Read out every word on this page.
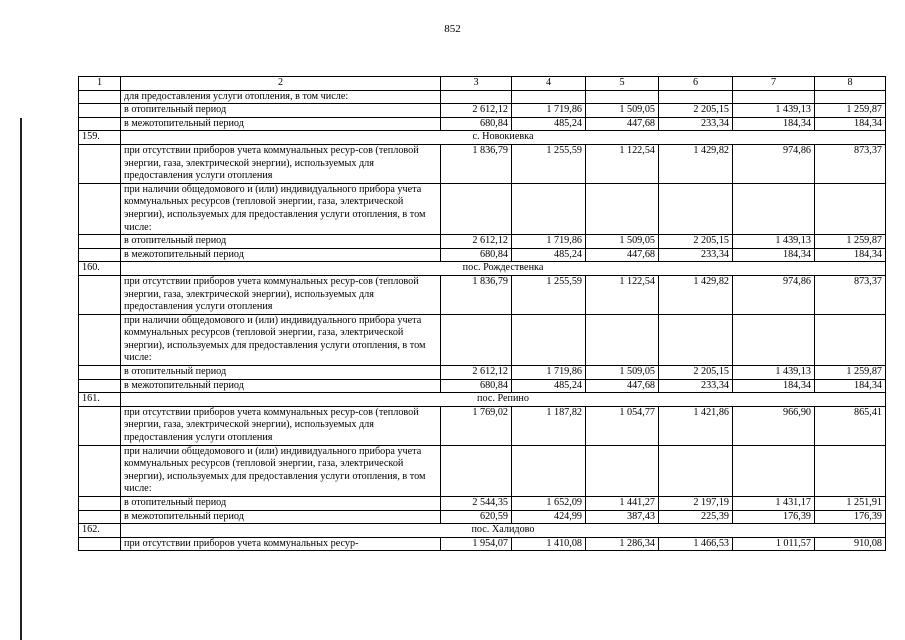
852
1	2	3	4	5	6	7	8
	для предоставления услуги отопления, в том числе:						
	в отопительный период	2 612,12	1 719,86	1 509,05	2 205,15	1 439,13	1 259,87
	в межотопительный период	680,84	485,24	447,68	233,34	184,34	184,34
159.	с. Новокиевка						
	при отсутствии приборов учета коммунальных ресур-сов (тепловой энергии, газа, электрической энергии), используемых для предоставления услуги отопления	1 836,79	1 255,59	1 122,54	1 429,82	974,86	873,37
	при наличии общедомового и (или) индивидуального прибора учета коммунальных ресурсов (тепловой энергии, газа, электрической энергии), используемых для предоставления услуги отопления, в том числе:						
	в отопительный период	2 612,12	1 719,86	1 509,05	2 205,15	1 439,13	1 259,87
	в межотопительный период	680,84	485,24	447,68	233,34	184,34	184,34
160.	пос. Рождественка						
	при отсутствии приборов учета коммунальных ресур-сов (тепловой энергии, газа, электрической энергии), используемых для предоставления услуги отопления	1 836,79	1 255,59	1 122,54	1 429,82	974,86	873,37
	при наличии общедомового и (или) индивидуального прибора учета коммунальных ресурсов (тепловой энергии, газа, электрической энергии), используемых для предоставления услуги отопления, в том числе:						
	в отопительный период	2 612,12	1 719,86	1 509,05	2 205,15	1 439,13	1 259,87
	в межотопительный период	680,84	485,24	447,68	233,34	184,34	184,34
161.	пос. Репино						
	при отсутствии приборов учета коммунальных ресур-сов (тепловой энергии, газа, электрической энергии), используемых для предоставления услуги отопления	1 769,02	1 187,82	1 054,77	1 421,86	966,90	865,41
	при наличии общедомового и (или) индивидуального прибора учета коммунальных ресурсов (тепловой энергии, газа, электрической энергии), используемых для предоставления услуги отопления, в том числе:						
	в отопительный период	2 544,35	1 652,09	1 441,27	2 197,19	1 431,17	1 251,91
	в межотопительный период	620,59	424,99	387,43	225,39	176,39	176,39
162.	пос. Халидово						
	при отсутствии приборов учета коммунальных ресур-	1 954,07	1 410,08	1 286,34	1 466,53	1 011,57	910,08
